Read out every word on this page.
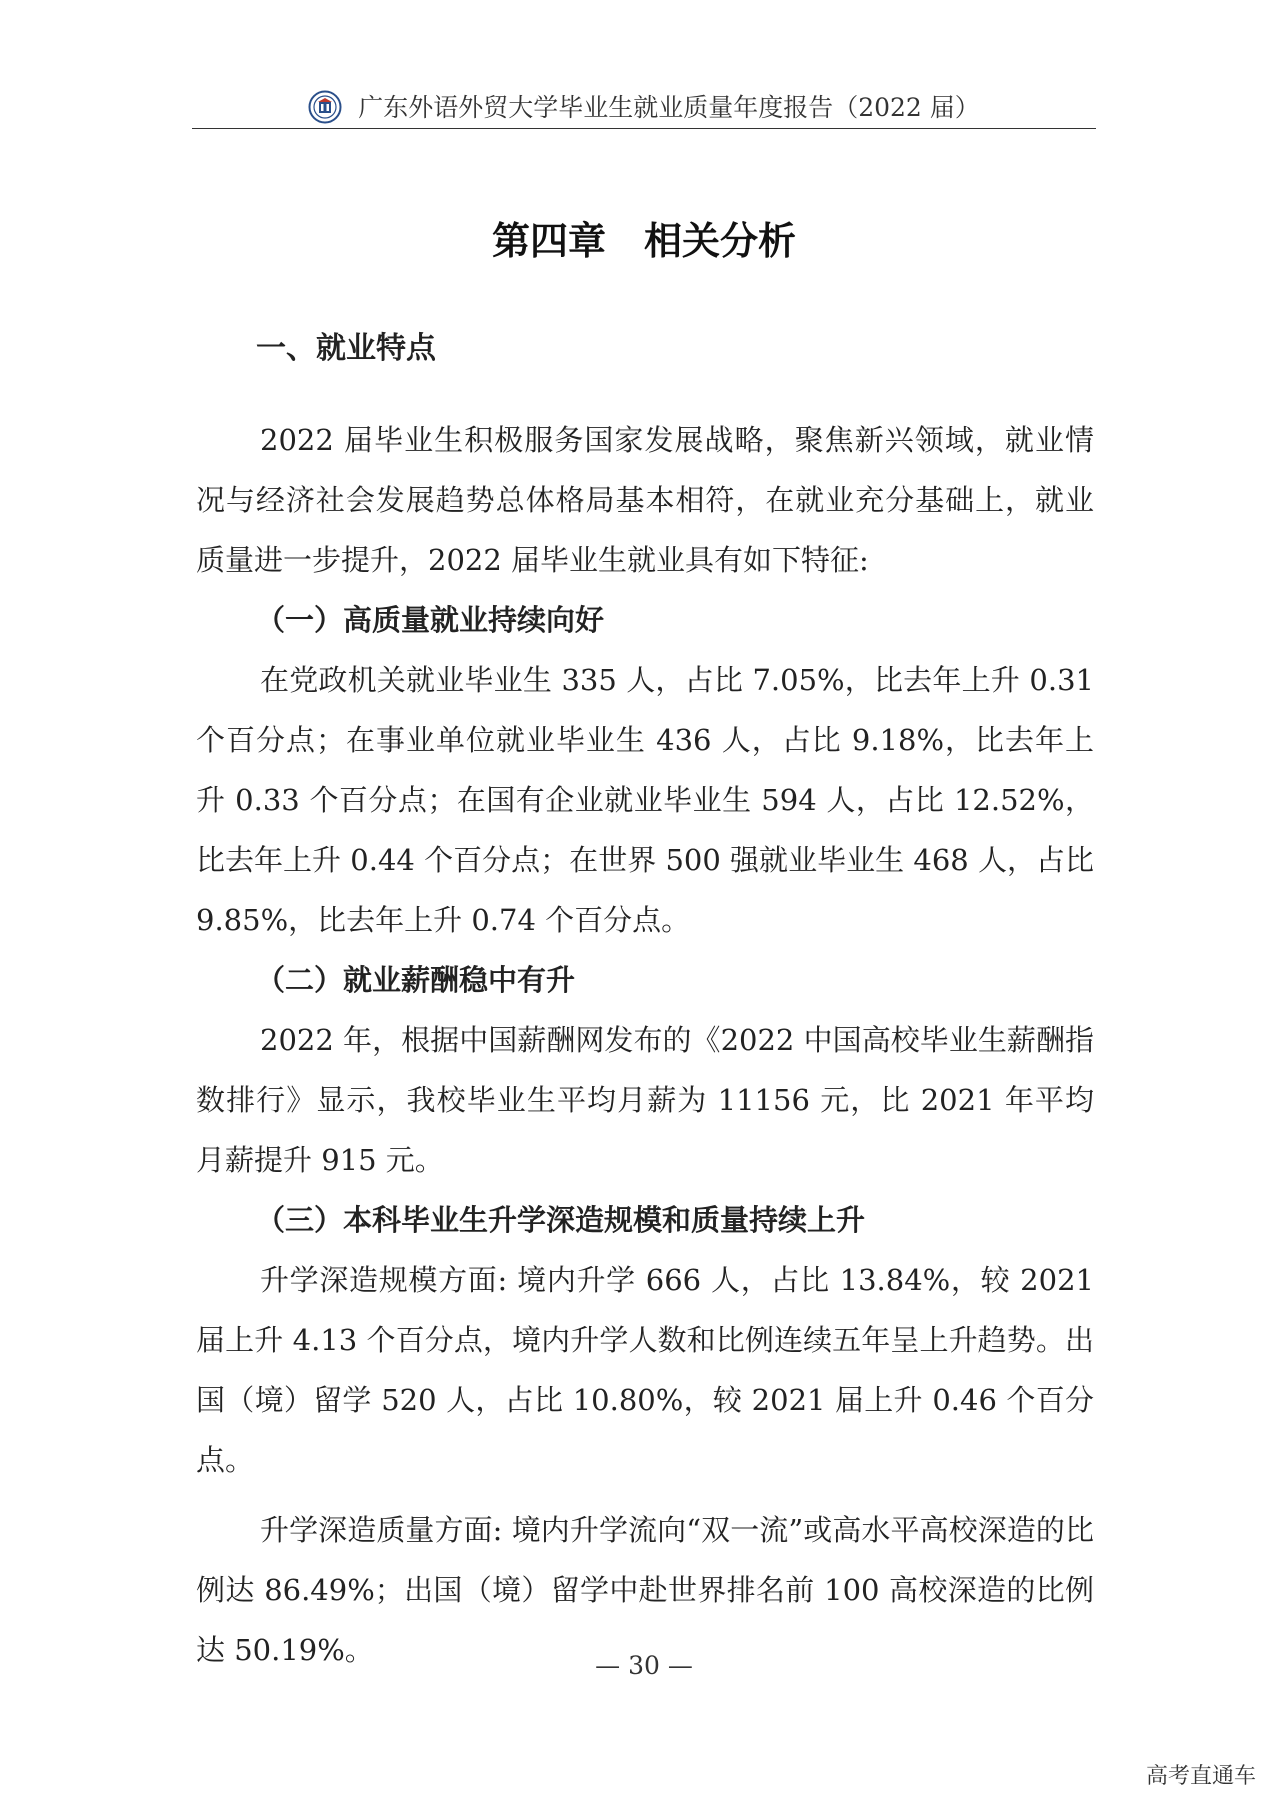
广东外语外贸大学毕业生就业质量年度报告（2022 届）
第四章　相关分析
一、就业特点

2022 届毕业生积极服务国家发展战略，聚焦新兴领域，就业情况与经济社会发展趋势总体格局基本相符，在就业充分基础上，就业质量进一步提升，2022 届毕业生就业具有如下特征:

（一）高质量就业持续向好

在党政机关就业毕业生 335 人，占比 7.05%，比去年上升 0.31 个百分点；在事业单位就业毕业生 436 人，占比 9.18%，比去年上升 0.33 个百分点；在国有企业就业毕业生 594 人，占比 12.52%，比去年上升 0.44 个百分点；在世界 500 强就业毕业生 468 人，占比 9.85%，比去年上升 0.74 个百分点。

（二）就业薪酬稳中有升

2022 年，根据中国薪酬网发布的《2022 中国高校毕业生薪酬指数排行》显示，我校毕业生平均月薪为 11156 元，比 2021 年平均月薪提升 915 元。

（三）本科毕业生升学深造规模和质量持续上升

升学深造规模方面: 境内升学 666 人，占比 13.84%，较 2021 届上升 4.13 个百分点，境内升学人数和比例连续五年呈上升趋势。出国（境）留学 520 人，占比 10.80%，较 2021 届上升 0.46 个百分点。

升学深造质量方面: 境内升学流向“双一流”或高水平高校深造的比例达 86.49%；出国（境）留学中赴世界排名前 100 高校深造的比例达 50.19%。	— 30 —
高考直通车
